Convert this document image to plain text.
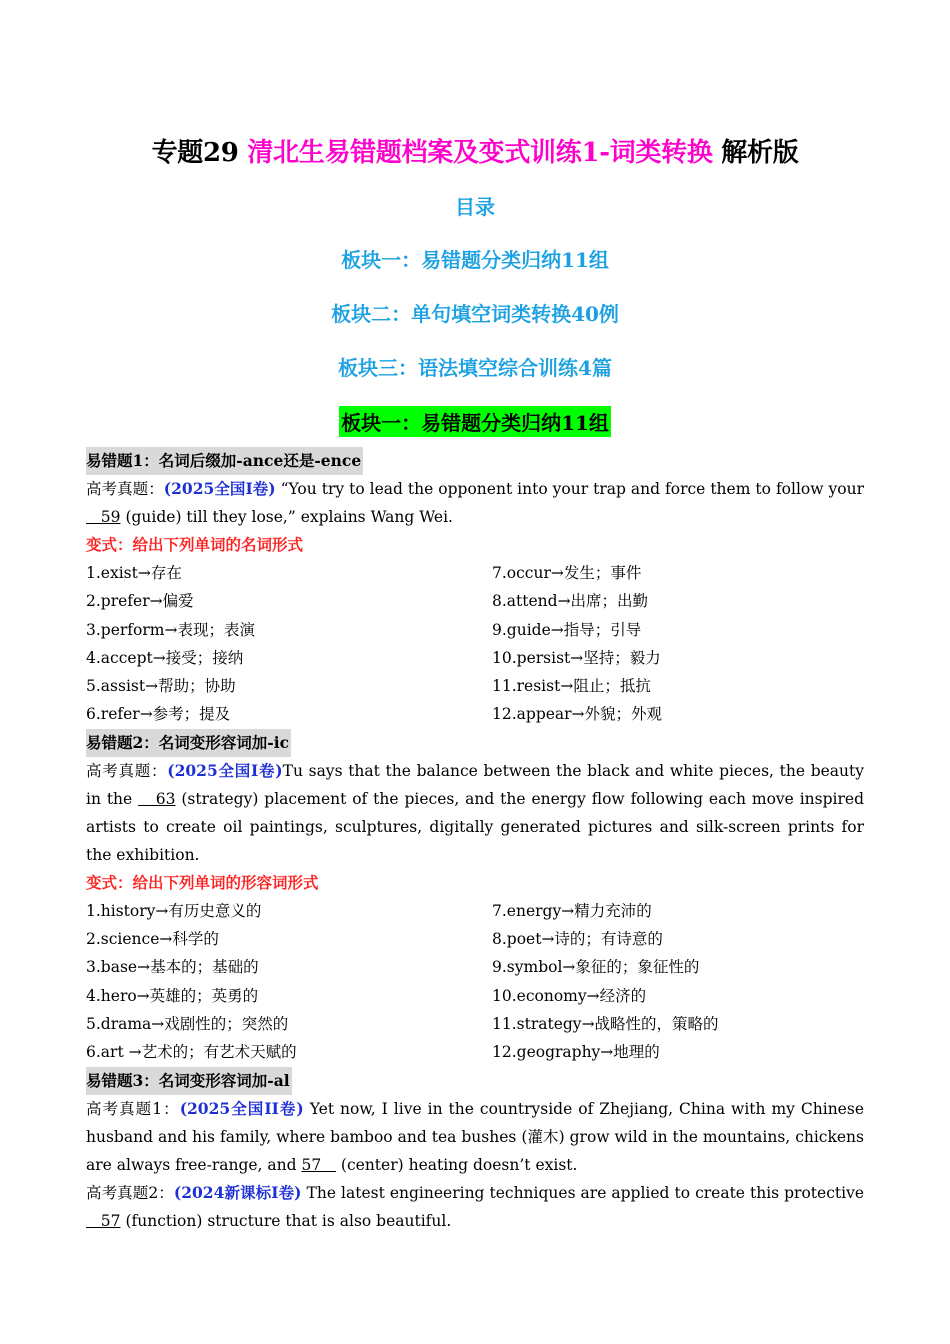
专题29 清北生易错题档案及变式训练1-词类转换 解析版
目录
板块一：易错题分类归纳11组
板块二：单句填空词类转换40例
板块三：语法填空综合训练4篇
板块一：易错题分类归纳11组
易错题1：名词后缀加-ance还是-ence
高考真题：(2025全国I卷) “You try to lead the opponent into your trap and force them to follow your    59 (guide) till they lose,” explains Wang Wei.
变式：给出下列单词的名词形式
1.exist→存在	7.occur→发生；事件
2.prefer→偏爱	8.attend→出席；出勤
3.perform→表现；表演	9.guide→指导；引导
4.accept→接受；接纳	10.persist→坚持；毅力
5.assist→帮助；协助	11.resist→阻止；抵抗
6.refer→参考；提及	12.appear→外貌；外观
易错题2：名词变形容词加-ic
高考真题：(2025全国I卷)Tu says that the balance between the black and white pieces, the beauty in the    63 (strategy) placement of the pieces, and the energy flow following each move inspired artists to create oil paintings, sculptures, digitally generated pictures and silk-screen prints for the exhibition.
变式：给出下列单词的形容词形式
1.history→有历史意义的	7.energy→精力充沛的
2.science→科学的	8.poet→诗的；有诗意的
3.base→基本的；基础的	9.symbol→象征的；象征性的
4.hero→英雄的；英勇的	10.economy→经济的
5.drama→戏剧性的；突然的	11.strategy→战略性的，策略的
6.art →艺术的；有艺术天赋的	12.geography→地理的
易错题3：名词变形容词加-al
高考真题1：(2025全国II卷) Yet now, I live in the countryside of Zhejiang, China with my Chinese husband and his family, where bamboo and tea bushes (灌木) grow wild in the mountains, chickens are always free-range, and 57    (center) heating doesn’t exist.
高考真题2：(2024新课标I卷) The latest engineering techniques are applied to create this protective    57 (function) structure that is also beautiful.
